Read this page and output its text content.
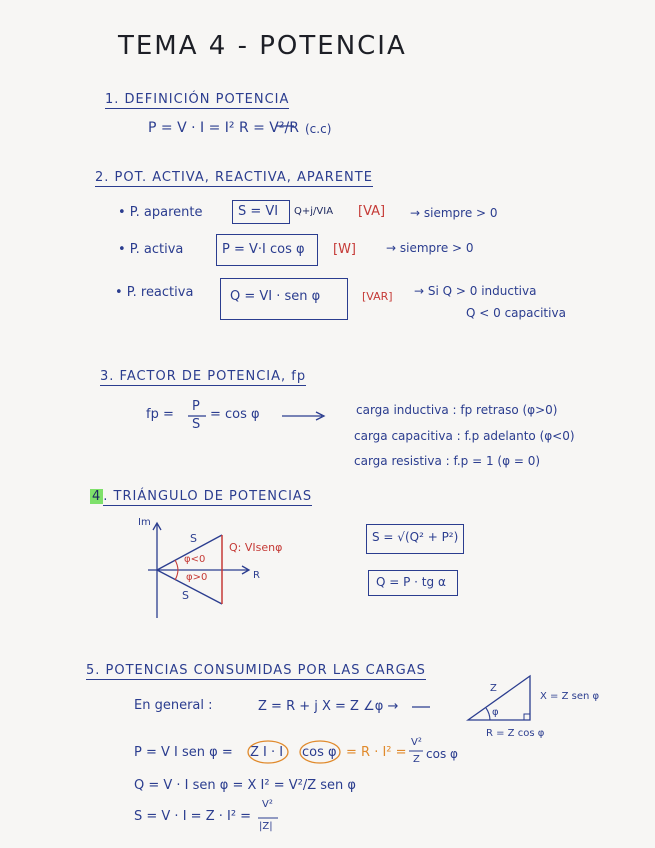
TEMA 4 - POTENCIA
1. DEFINICIÓN POTENCIA
P = V · I = I² R = V²/R (c.c)
2. POT. ACTIVA, REACTIVA, APARENTE
• P. aparente	S = VI Q+j/VIA [VA] → siempre > 0
• P. activa	P = V·I cos φ [W]	→ siempre > 0
• P. reactiva	Q = VI · sen φ	[VAR] → Si Q > 0 inductiva
Q < 0 capacitiva
3. FACTOR DE POTENCIA, fp
fp =
P
S
= cos φ	carga inductiva : fp retraso (φ>0)
carga capacitiva : f.p adelanto (φ<0)
carga resistiva : f.p = 1 (φ = 0)
4 . TRIÁNGULO DE POTENCIAS
Im
R
S
S
Q: VIsenφ
φ<0
φ>0
S = √(Q² + P²)
Q = P · tg α
5. POTENCIAS CONSUMIDAS POR LAS CARGAS
En general :	Z = R + j X = Z ∠φ →
Z
φ
X = Z sen φ
R = Z cos φ
P = V I sen φ = Z I · I cos φ = R · I² =
V²
Z cos φ
Q = V · I sen φ = X I² = V²/Z sen φ
S = V · I = Z · I² =
V²
|Z|
